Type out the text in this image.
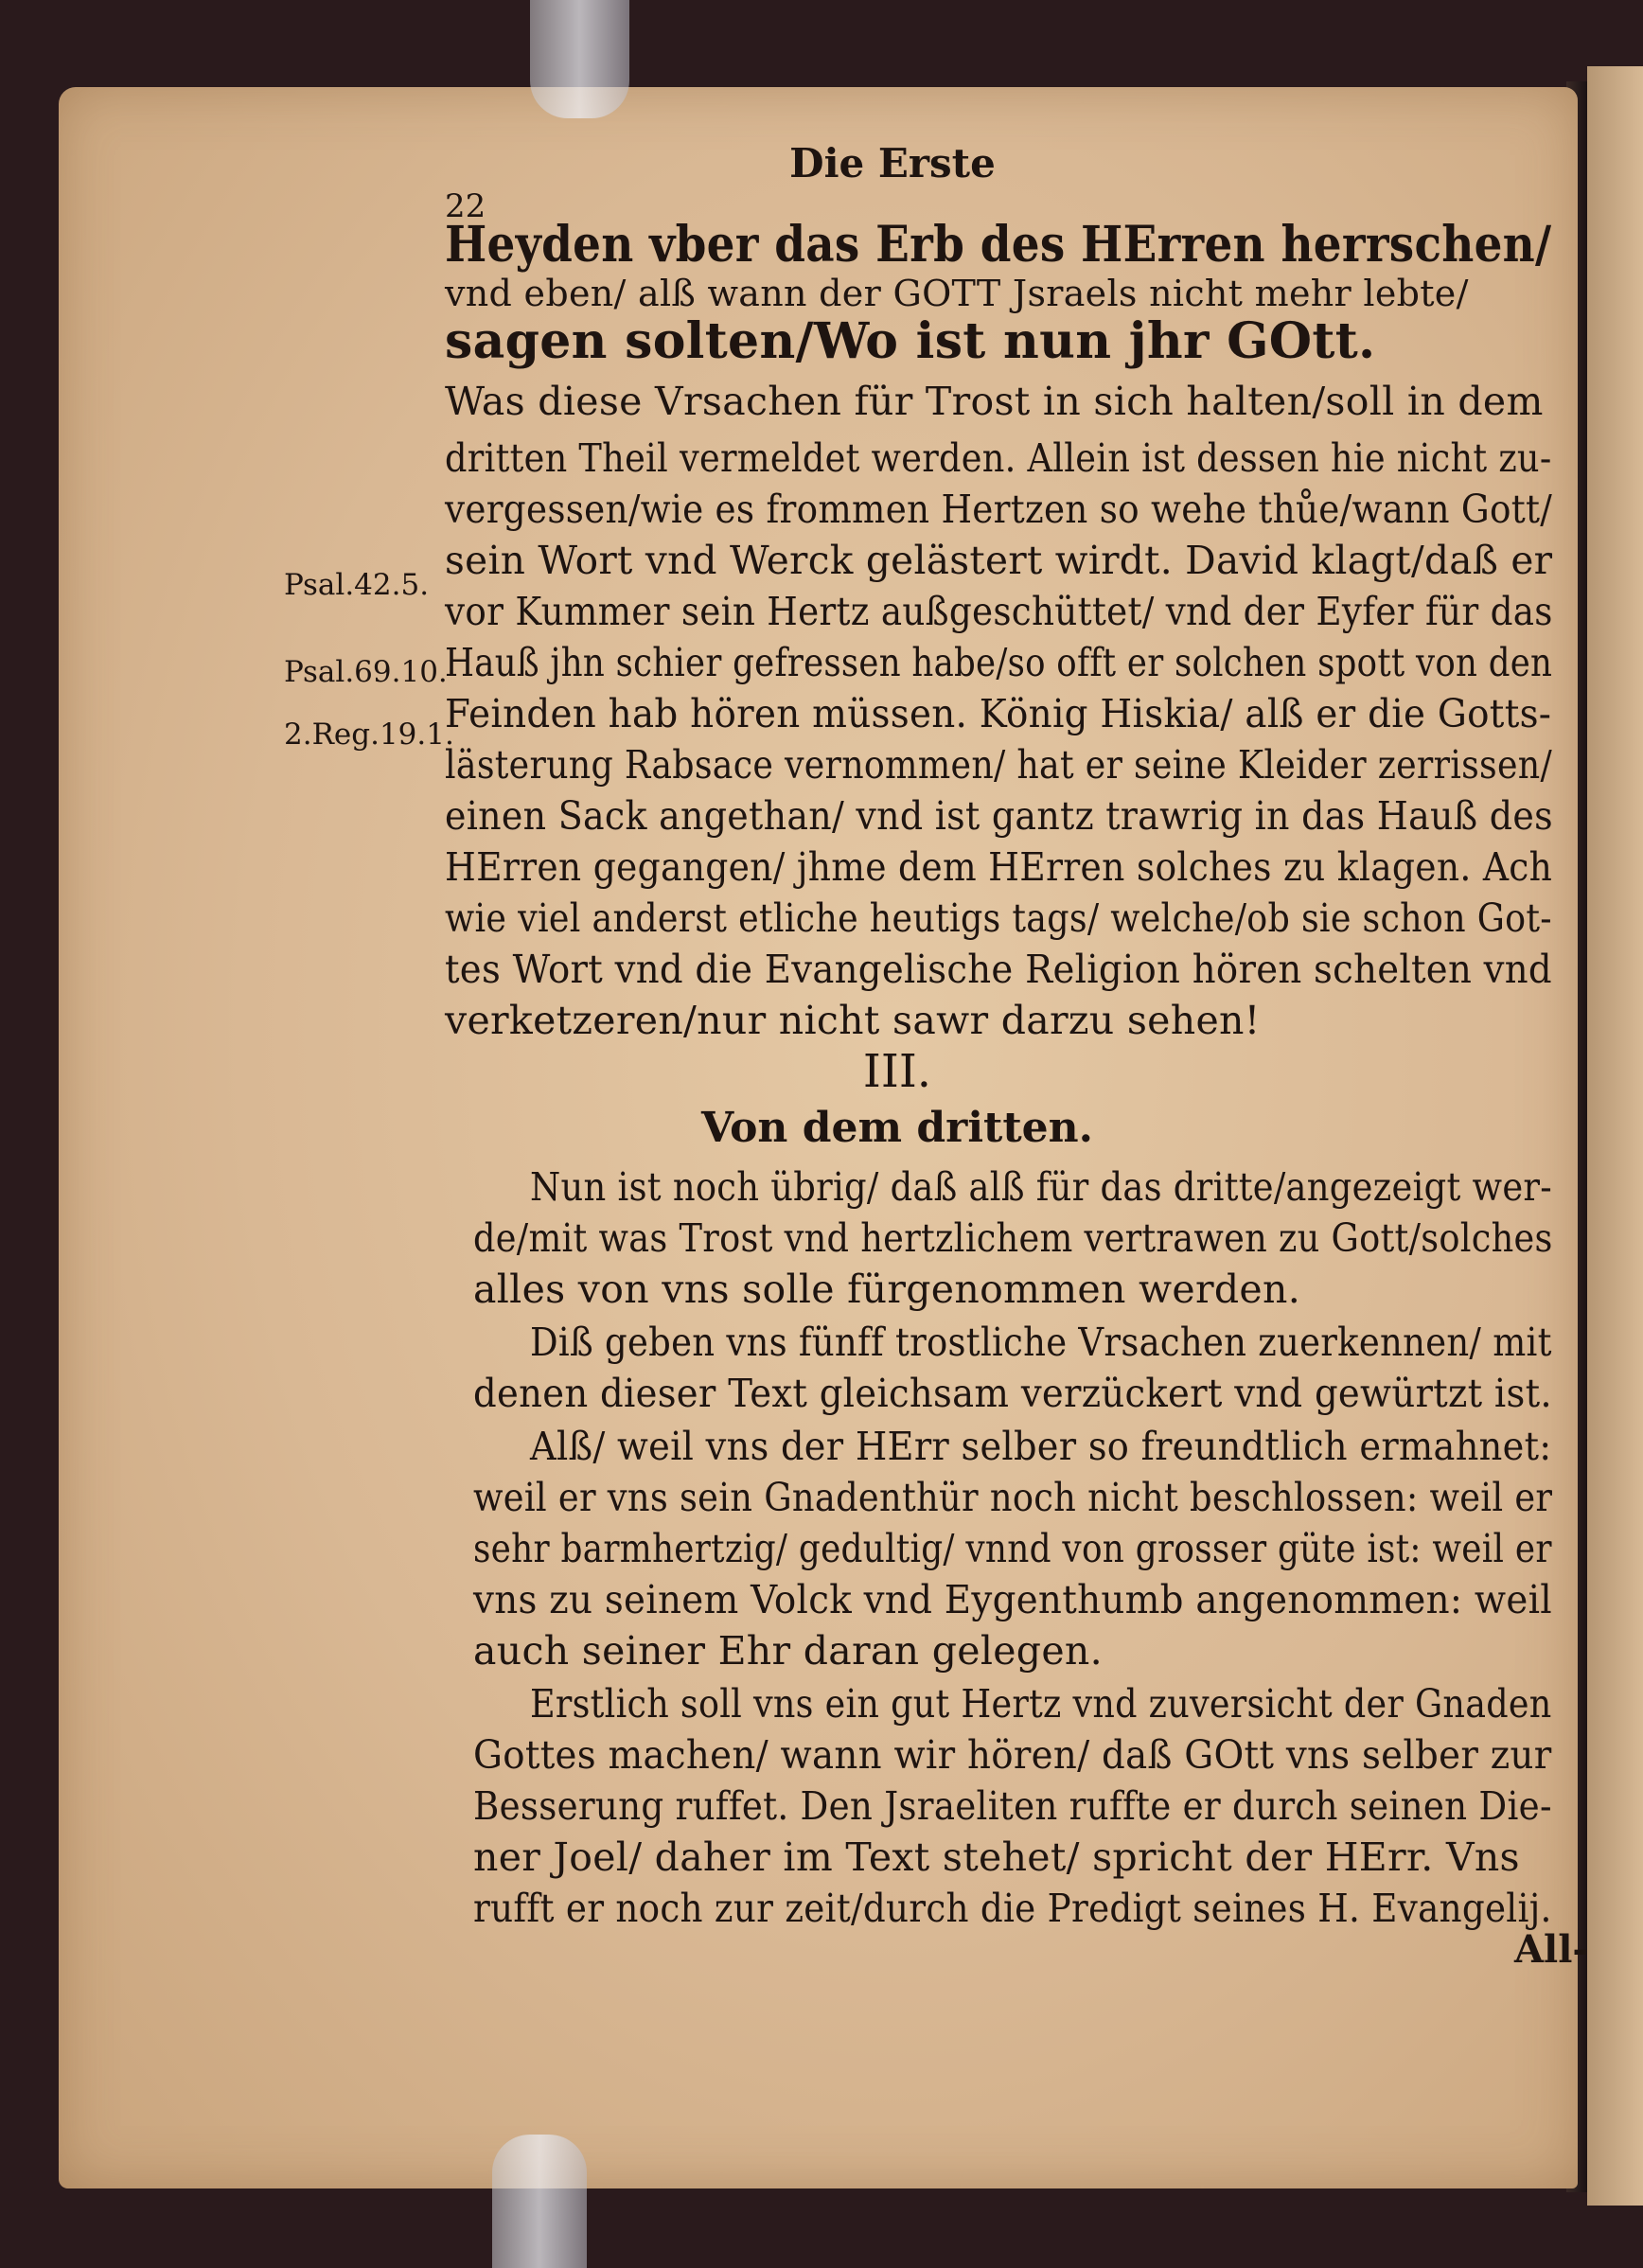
Die Erste
22
Heyden vber das Erb des HErren herrschen/
vnd eben/ alß wann der GOTT Jsraels nicht mehr lebte/
sagen solten/Wo ist nun jhr GOtt.
Was diese Vrsachen für Trost in sich halten/soll in dem
dritten Theil vermeldet werden. Allein ist dessen hie nicht zu-
vergessen/wie es frommen Hertzen so wehe thůe/wann Gott/
sein Wort vnd Werck gelästert wirdt. David klagt/daß er
vor Kummer sein Hertz außgeschüttet/ vnd der Eyfer für das
Hauß jhn schier gefressen habe/so offt er solchen spott von den
Feinden hab hören müssen. König Hiskia/ alß er die Gotts-
lästerung Rabsace vernommen/ hat er seine Kleider zerrissen/
einen Sack angethan/ vnd ist gantz trawrig in das Hauß des
HErren gegangen/ jhme dem HErren solches zu klagen. Ach
wie viel anderst etliche heutigs tags/ welche/ob sie schon Got-
tes Wort vnd die Evangelische Religion hören schelten vnd
verketzeren/nur nicht sawr darzu sehen!
Psal.42.5.
Psal.69.10.
2.Reg.19.1.
III.
Von dem dritten.
Nun ist noch übrig/ daß alß für das dritte/angezeigt wer-
de/mit was Trost vnd hertzlichem vertrawen zu Gott/solches
alles von vns solle fürgenommen werden.
Diß geben vns fünff trostliche Vrsachen zuerkennen/ mit
denen dieser Text gleichsam verzückert vnd gewürtzt ist.
Alß/ weil vns der HErr selber so freundtlich ermahnet:
weil er vns sein Gnadenthür noch nicht beschlossen: weil er
sehr barmhertzig/ gedultig/ vnnd von grosser güte ist: weil er
vns zu seinem Volck vnd Eygenthumb angenommen: weil
auch seiner Ehr daran gelegen.
Erstlich soll vns ein gut Hertz vnd zuversicht der Gnaden
Gottes machen/ wann wir hören/ daß GOtt vns selber zur
Besserung ruffet. Den Jsraeliten ruffte er durch seinen Die-
ner Joel/ daher im Text stehet/ spricht der HErr. Vns
rufft er noch zur zeit/durch die Predigt seines H. Evangelij.
All-
